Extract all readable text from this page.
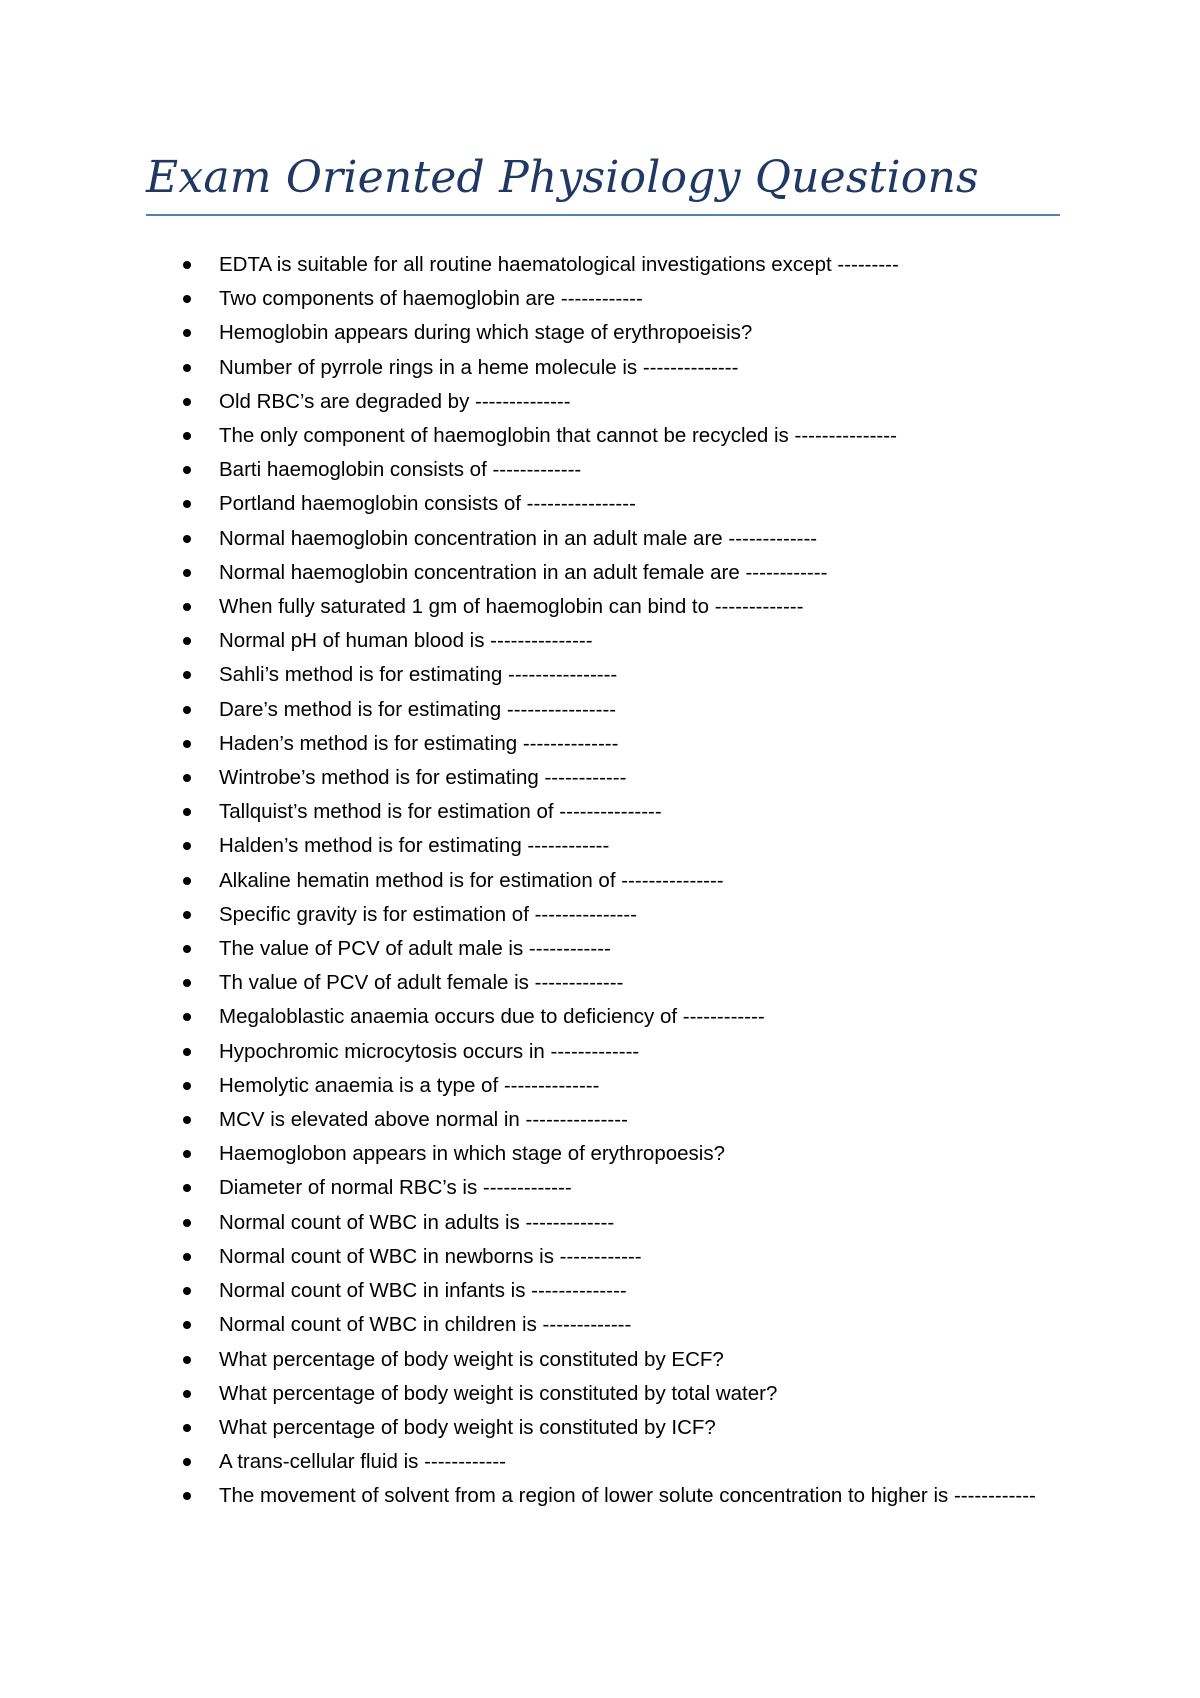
Exam Oriented Physiology Questions
EDTA is suitable for all routine haematological investigations except ---------
Two components of haemoglobin are ------------
Hemoglobin appears during which stage of erythropoeisis?
Number of pyrrole rings in a heme molecule is --------------
Old RBC’s are degraded by --------------
The only component of haemoglobin that cannot be recycled is ---------------
Barti haemoglobin consists of -------------
Portland haemoglobin consists of ----------------
Normal haemoglobin concentration in an adult male are -------------
Normal haemoglobin concentration in an adult female are ------------
When fully saturated 1 gm of haemoglobin can bind to -------------
Normal pH of human blood is ---------------
Sahli’s method is for estimating ----------------
Dare’s method is for estimating ----------------
Haden’s method is for estimating --------------
Wintrobe’s method is for estimating ------------
Tallquist’s method is for estimation of ---------------
Halden’s method is for estimating ------------
Alkaline hematin method is for estimation of ---------------
Specific gravity is for estimation of ---------------
The value of PCV of adult male is ------------
Th value of PCV of adult female is -------------
Megaloblastic anaemia occurs due to deficiency of ------------
Hypochromic microcytosis occurs in -------------
Hemolytic anaemia is a type of --------------
MCV is elevated above normal in ---------------
Haemoglobon appears in which stage of erythropoesis?
Diameter of normal RBC’s is -------------
Normal count of WBC in adults is -------------
Normal count of WBC in newborns is ------------
Normal count of WBC in infants is --------------
Normal count of WBC in children is -------------
What percentage of body weight is constituted by ECF?
What percentage of body weight is constituted by total water?
What percentage of body weight is constituted by ICF?
A trans-cellular fluid is ------------
The movement of solvent from a region of lower solute concentration to higher is ------------
